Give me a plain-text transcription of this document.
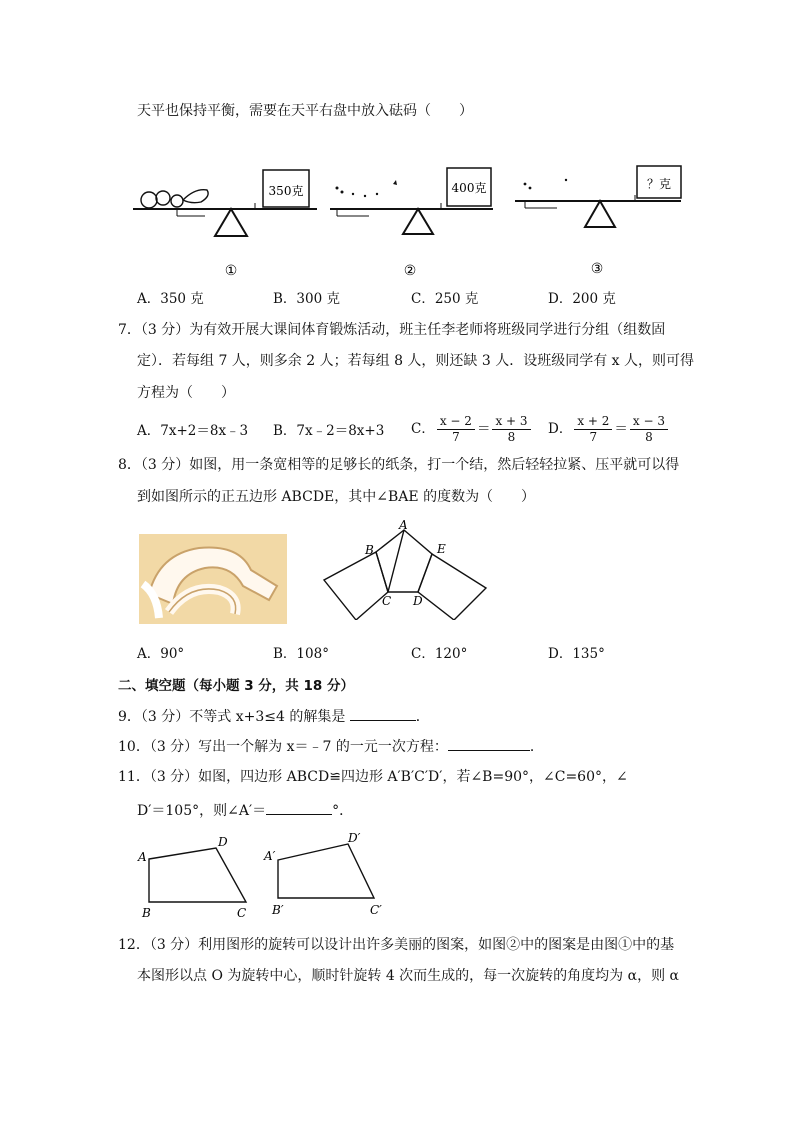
天平也保持平衡，需要在天平右盘中放入砝码（　　）
350克	400克	？克
①	②	③
A．350 克	B．300 克	C．250 克	D．200 克
7．（3 分）为有效开展大课间体育锻炼活动，班主任李老师将班级同学进行分组（组数固
定）．若每组 7 人，则多余 2 人；若每组 8 人，则还缺 3 人．设班级同学有 x 人，则可得
方程为（　　）
A．7x+2＝8x﹣3 B．7x﹣2＝8x+3 C． $\frac{x - 2}{7} = \frac{x + 3}{8}$ D． $\frac{x + 2}{7} = \frac{x - 3}{8}$
8．（3 分）如图，用一条宽相等的足够长的纸条，打一个结，然后轻轻拉紧、压平就可以得
到如图所示的正五边形 ABCDE，其中∠BAE 的度数为（　　）
A
B
C D
E
A．90°	B．108°	C．120°	D．135°
二、填空题（每小题 3 分，共 18 分）
9．（3 分）不等式 x+3≤4 的解集是	．
10．（3 分）写出一个解为 x＝﹣7 的一元一次方程：	．
11．（3 分）如图，四边形 ABCD≌四边形 A′B′C′D′，若∠B=90°，∠C=60°，∠
D′＝105°，则∠A′＝	°．
A
D
B	C
A′
D′
B′	C′
12．（3 分）利用图形的旋转可以设计出许多美丽的图案，如图②中的图案是由图①中的基
本图形以点 O 为旋转中心，顺时针旋转 4 次而生成的，每一次旋转的角度均为 α，则 α
